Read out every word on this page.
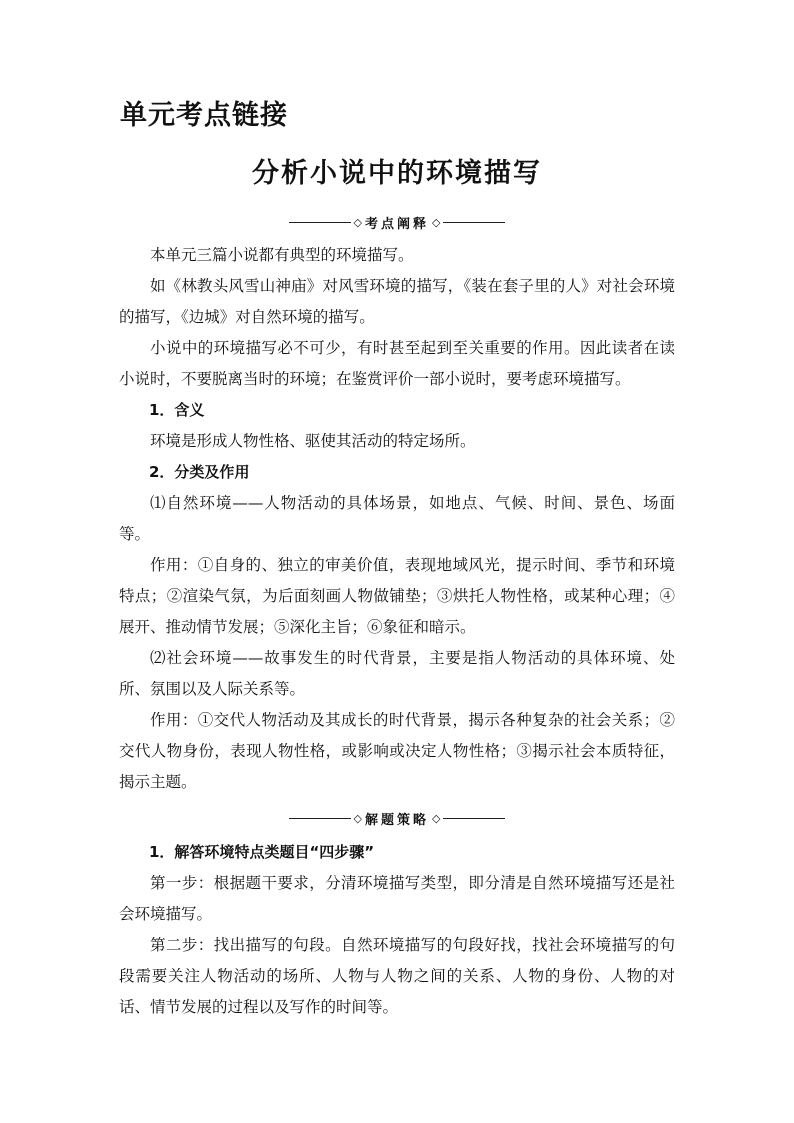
单元考点链接
分析小说中的环境描写
◇ 考点阐释 ◇

本单元三篇小说都有典型的环境描写。

如《林教头风雪山神庙》对风雪环境的描写，《装在套子里的人》对社会环境的描写，《边城》对自然环境的描写。

小说中的环境描写必不可少，有时甚至起到至关重要的作用。因此读者在读小说时，不要脱离当时的环境；在鉴赏评价一部小说时，要考虑环境描写。

1．含义

环境是形成人物性格、驱使其活动的特定场所。

2．分类及作用

⑴自然环境——人物活动的具体场景，如地点、气候、时间、景色、场面等。

作用：①自身的、独立的审美价值，表现地域风光，提示时间、季节和环境特点；②渲染气氛，为后面刻画人物做铺垫；③烘托人物性格，或某种心理；④展开、推动情节发展；⑤深化主旨；⑥象征和暗示。

⑵社会环境——故事发生的时代背景，主要是指人物活动的具体环境、处所、氛围以及人际关系等。

作用：①交代人物活动及其成长的时代背景，揭示各种复杂的社会关系；②交代人物身份，表现人物性格，或影响或决定人物性格；③揭示社会本质特征，揭示主题。

◇ 解题策略 ◇

1．解答环境特点类题目“四步骤”

第一步：根据题干要求，分清环境描写类型，即分清是自然环境描写还是社会环境描写。

第二步：找出描写的句段。自然环境描写的句段好找，找社会环境描写的句段需要关注人物活动的场所、人物与人物之间的关系、人物的身份、人物的对话、情节发展的过程以及写作的时间等。
